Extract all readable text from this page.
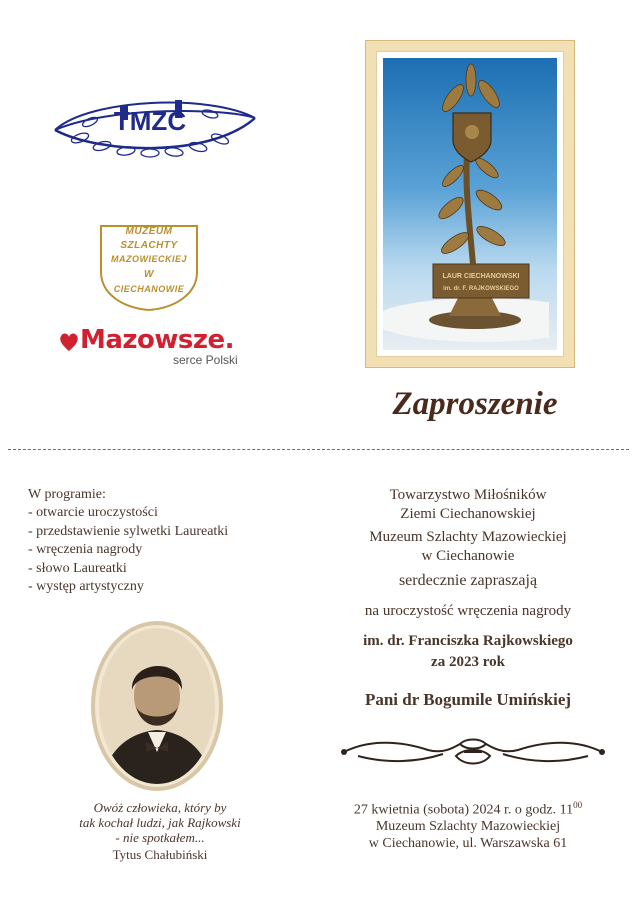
TMZC
MUZEUM
SZLACHTY
MAZOWIECKIEJ
W
CIECHANOWIE
Mazowsze.
serce Polski
LAUR CIECHANOWSKI
im. dr. F. RAJKOWSKIEGO
Zaproszenie
W programie:
- otwarcie uroczystości
- przedstawienie sylwetki Laureatki
- wręczenia nagrody
- słowo Laureatki
- występ artystyczny
Owóż człowieka, który by
tak kochał ludzi, jak Rajkowski
- nie spotkałem...
Tytus Chałubiński
Towarzystwo Miłośników
Ziemi Ciechanowskiej
Muzeum Szlachty Mazowieckiej
w Ciechanowie
serdecznie zapraszają
na uroczystość wręczenia nagrody
im. dr. Franciszka Rajkowskiego
za 2023 rok
Pani dr Bogumile Umińskiej
27 kwietnia (sobota) 2024 r. o godz. $11^{00}$
Muzeum Szlachty Mazowieckiej
w Ciechanowie, ul. Warszawska 61
